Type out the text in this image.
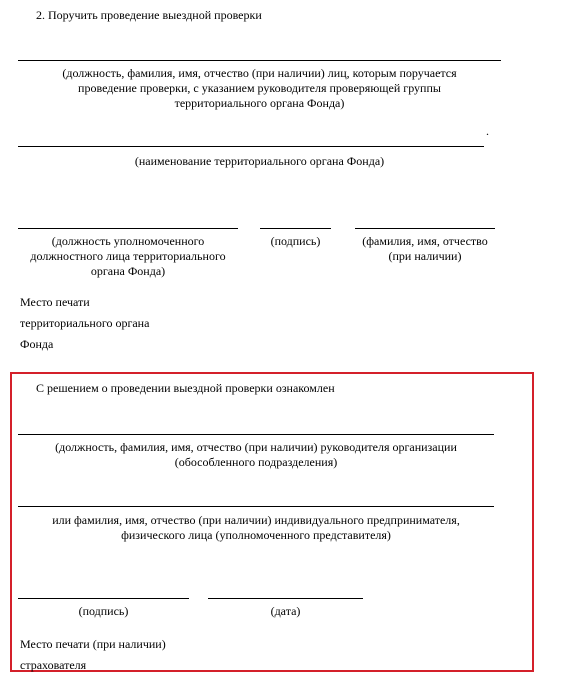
2. Поручить проведение выездной проверки
(должность, фамилия, имя, отчество (при наличии) лиц, которым поручается
проведение проверки, с указанием руководителя проверяющей группы
территориального органа Фонда)
.
(наименование территориального органа Фонда)
(должность уполномоченного
должностного лица территориального
органа Фонда)
(подпись)	(фамилия, имя, отчество
(при наличии)
Место печати
территориального органа
Фонда
С решением о проведении выездной проверки ознакомлен
(должность, фамилия, имя, отчество (при наличии) руководителя организации
(обособленного подразделения)
или фамилия, имя, отчество (при наличии) индивидуального предпринимателя,
физического лица (уполномоченного представителя)
(подпись)	(дата)
Место печати (при наличии)
страхователя
